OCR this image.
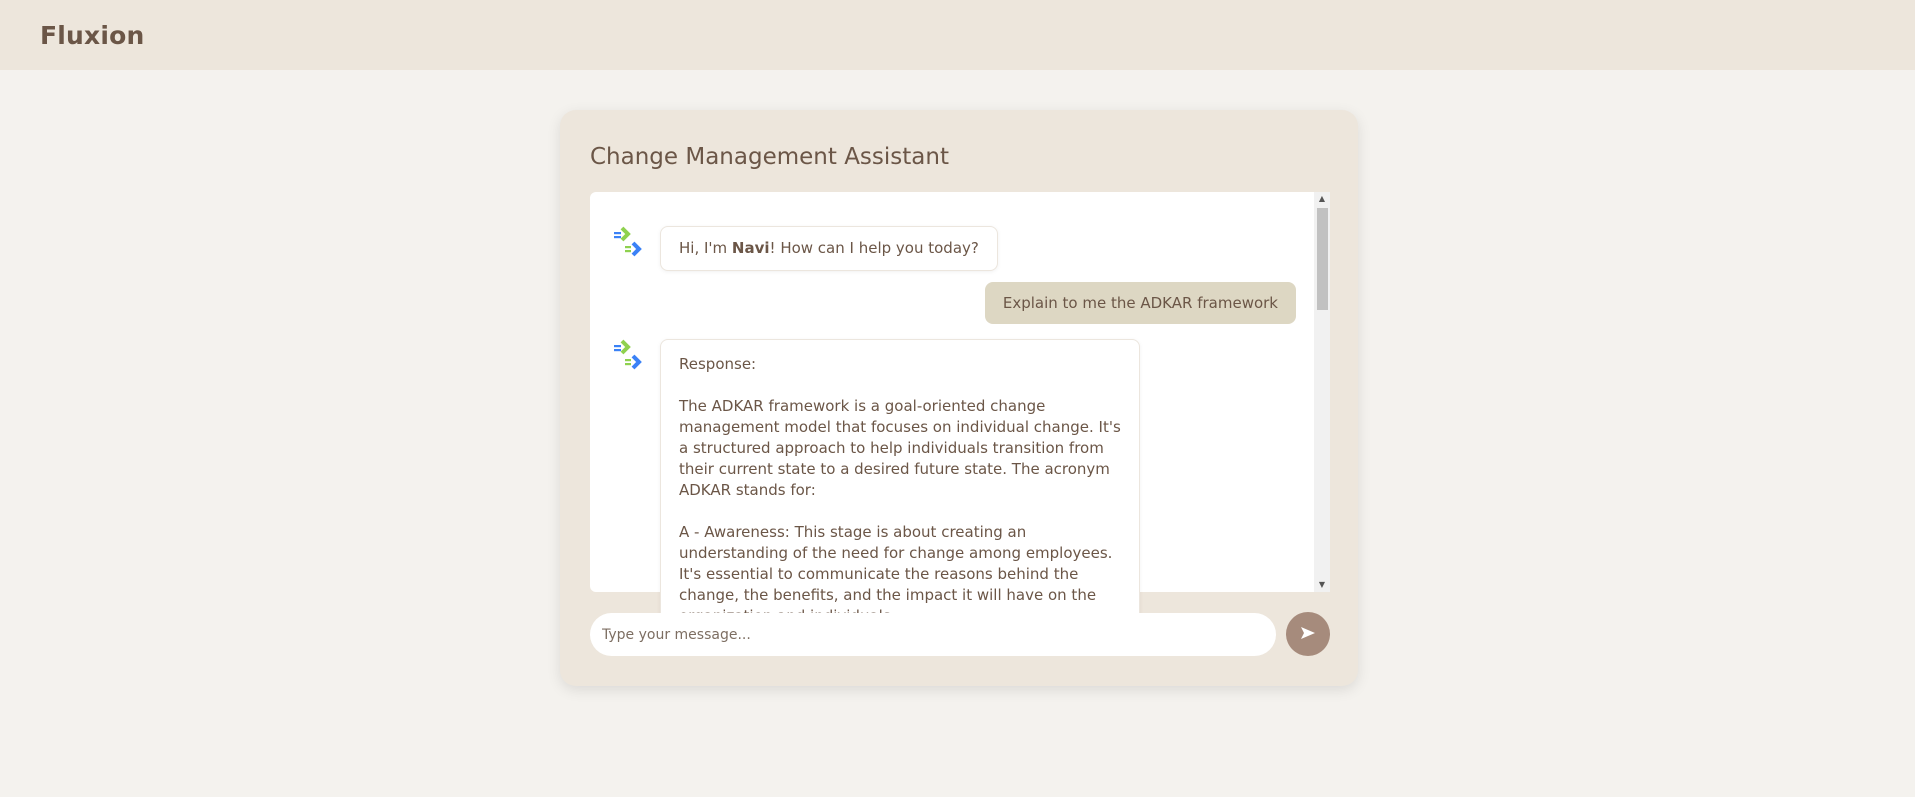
Fluxion
Change Management Assistant
Hi, I'm Navi! How can I help you today?
Explain to me the ADKAR framework
Response:

The ADKAR framework is a goal-oriented change management model that focuses on individual change. It's a structured approach to help individuals transition from their current state to a desired future state. The acronym ADKAR stands for:

A - Awareness: This stage is about creating an understanding of the need for change among employees. It's essential to communicate the reasons behind the change, the benefits, and the impact it will have on the
▲
▼
Type your message...
